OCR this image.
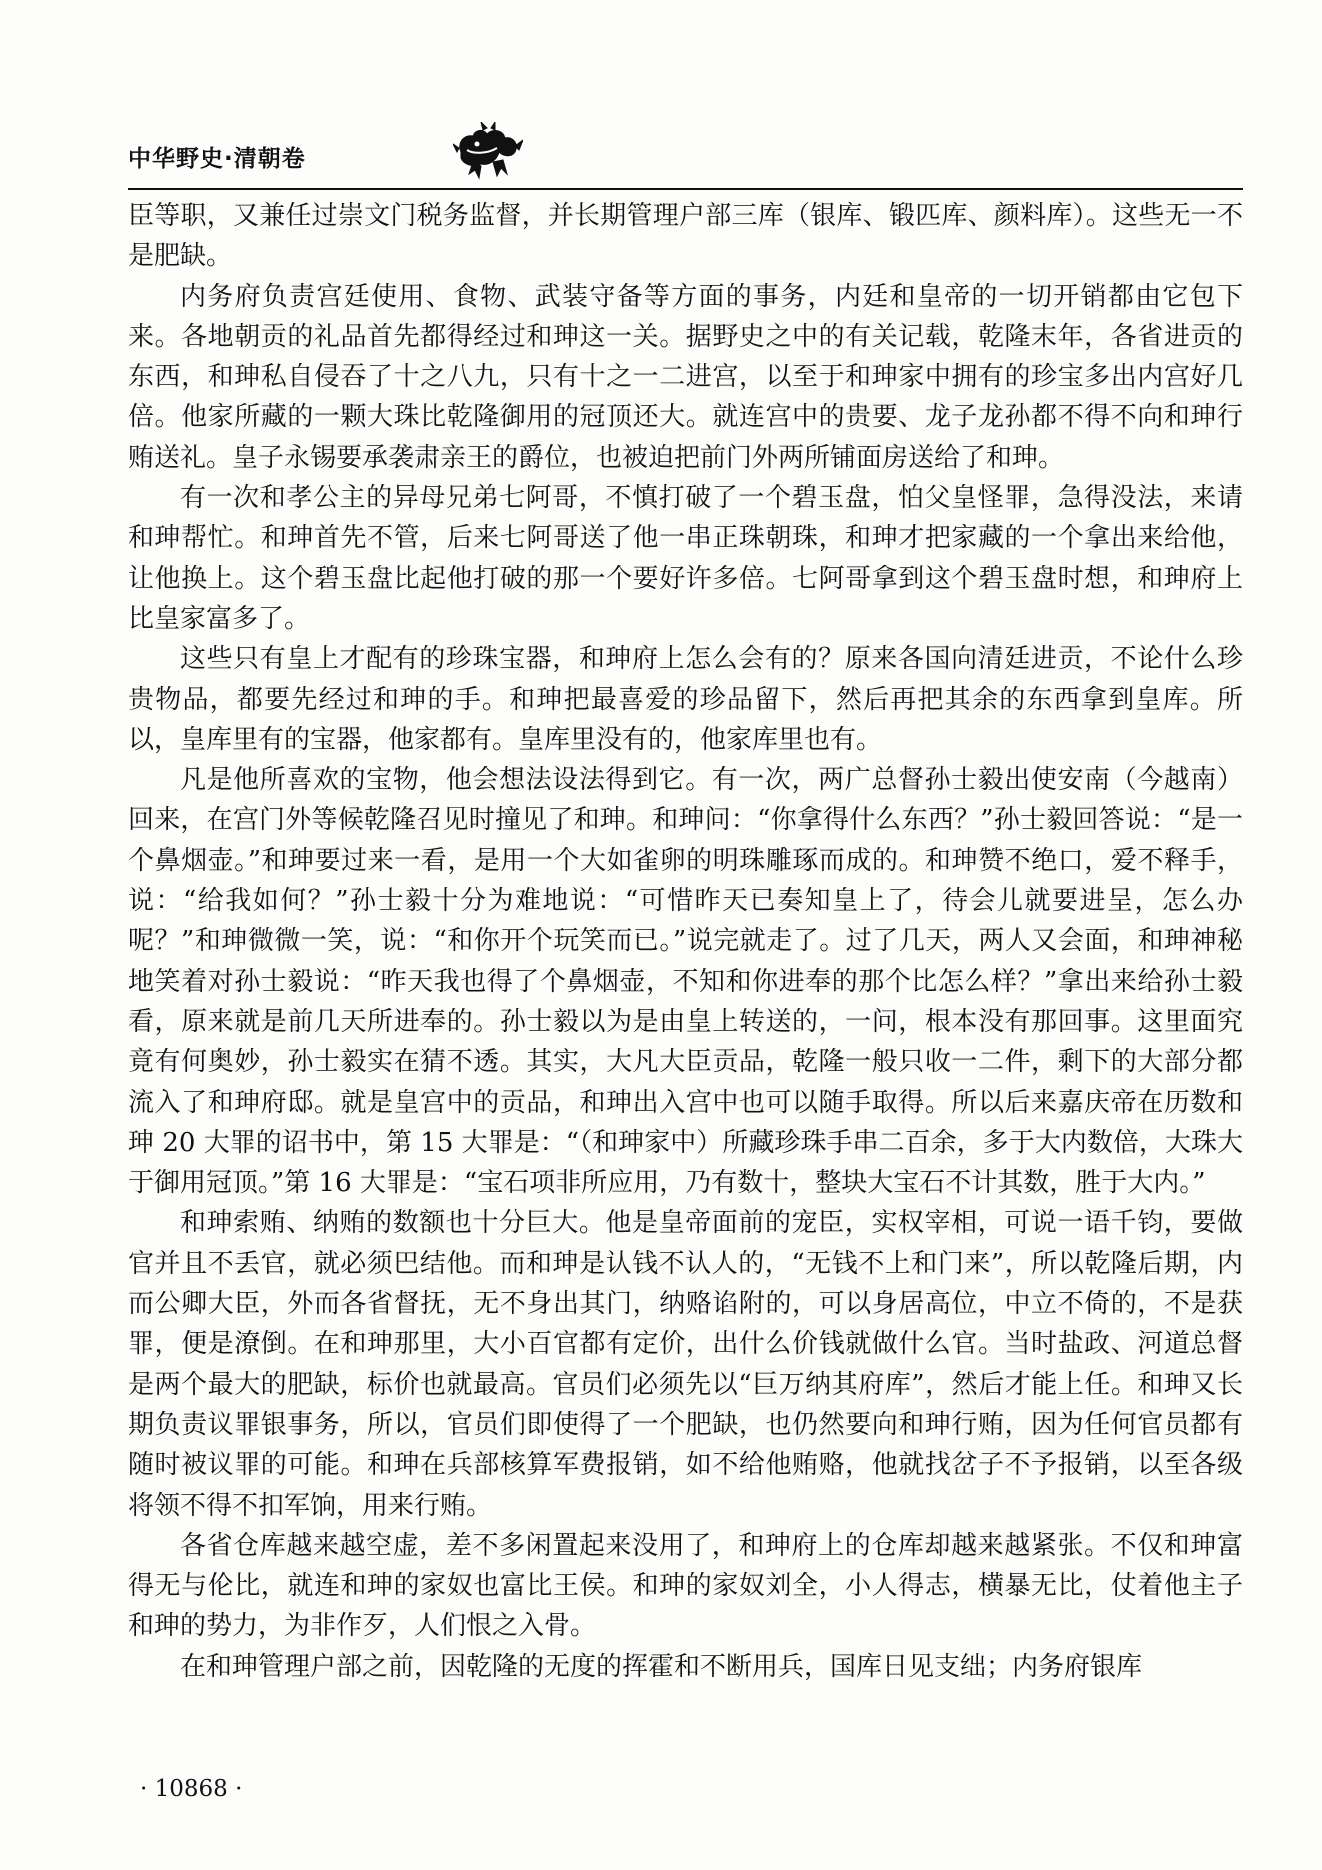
中华野史·清朝卷

臣等职，又兼任过崇文门税务监督，并长期管理户部三库（银库、锻匹库、颜料库）。这些无一不是肥缺。

内务府负责宫廷使用、食物、武装守备等方面的事务，内廷和皇帝的一切开销都由它包下来。各地朝贡的礼品首先都得经过和珅这一关。据野史之中的有关记载，乾隆末年，各省进贡的东西，和珅私自侵吞了十之八九，只有十之一二进宫，以至于和珅家中拥有的珍宝多出内宫好几倍。他家所藏的一颗大珠比乾隆御用的冠顶还大。就连宫中的贵要、龙子龙孙都不得不向和珅行贿送礼。皇子永锡要承袭肃亲王的爵位，也被迫把前门外两所铺面房送给了和珅。

有一次和孝公主的异母兄弟七阿哥，不慎打破了一个碧玉盘，怕父皇怪罪，急得没法，来请和珅帮忙。和珅首先不管，后来七阿哥送了他一串正珠朝珠，和珅才把家藏的一个拿出来给他，让他换上。这个碧玉盘比起他打破的那一个要好许多倍。七阿哥拿到这个碧玉盘时想，和珅府上比皇家富多了。

这些只有皇上才配有的珍珠宝器，和珅府上怎么会有的？原来各国向清廷进贡，不论什么珍贵物品，都要先经过和珅的手。和珅把最喜爱的珍品留下，然后再把其余的东西拿到皇库。所以，皇库里有的宝器，他家都有。皇库里没有的，他家库里也有。

凡是他所喜欢的宝物，他会想法设法得到它。有一次，两广总督孙士毅出使安南（今越南）回来，在宫门外等候乾隆召见时撞见了和珅。和珅问：“你拿得什么东西？”孙士毅回答说：“是一个鼻烟壶。”和珅要过来一看，是用一个大如雀卵的明珠雕琢而成的。和珅赞不绝口，爱不释手，说：“给我如何？”孙士毅十分为难地说：“可惜昨天已奏知皇上了，待会儿就要进呈，怎么办呢？”和珅微微一笑，说：“和你开个玩笑而已。”说完就走了。过了几天，两人又会面，和珅神秘地笑着对孙士毅说：“昨天我也得了个鼻烟壶，不知和你进奉的那个比怎么样？”拿出来给孙士毅看，原来就是前几天所进奉的。孙士毅以为是由皇上转送的，一问，根本没有那回事。这里面究竟有何奥妙，孙士毅实在猜不透。其实，大凡大臣贡品，乾隆一般只收一二件，剩下的大部分都流入了和珅府邸。就是皇宫中的贡品，和珅出入宫中也可以随手取得。所以后来嘉庆帝在历数和珅 20 大罪的诏书中，第 15 大罪是：“（和珅家中）所藏珍珠手串二百余，多于大内数倍，大珠大于御用冠顶。”第 16 大罪是：“宝石项非所应用，乃有数十，整块大宝石不计其数，胜于大内。”

和珅索贿、纳贿的数额也十分巨大。他是皇帝面前的宠臣，实权宰相，可说一语千钧，要做官并且不丢官，就必须巴结他。而和珅是认钱不认人的，“无钱不上和门来”，所以乾隆后期，内而公卿大臣，外而各省督抚，无不身出其门，纳赂谄附的，可以身居高位，中立不倚的，不是获罪，便是潦倒。在和珅那里，大小百官都有定价，出什么价钱就做什么官。当时盐政、河道总督是两个最大的肥缺，标价也就最高。官员们必须先以“巨万纳其府库”，然后才能上任。和珅又长期负责议罪银事务，所以，官员们即使得了一个肥缺，也仍然要向和珅行贿，因为任何官员都有随时被议罪的可能。和珅在兵部核算军费报销，如不给他贿赂，他就找岔子不予报销，以至各级将领不得不扣军饷，用来行贿。

各省仓库越来越空虚，差不多闲置起来没用了，和珅府上的仓库却越来越紧张。不仅和珅富得无与伦比，就连和珅的家奴也富比王侯。和珅的家奴刘全，小人得志，横暴无比，仗着他主子和珅的势力，为非作歹，人们恨之入骨。

在和珅管理户部之前，因乾隆的无度的挥霍和不断用兵，国库日见支绌；内务府银库

· 10868 ·
